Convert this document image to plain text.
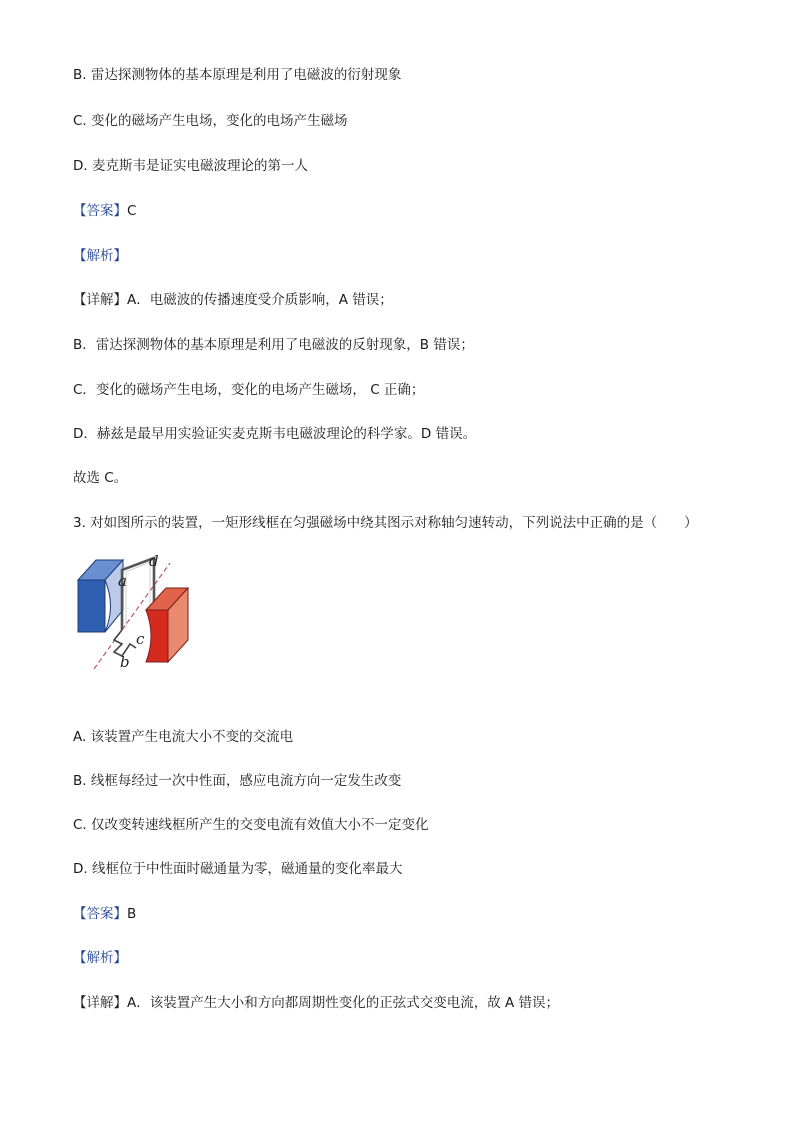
B. 雷达探测物体的基本原理是利用了电磁波的衍射现象
C. 变化的磁场产生电场，变化的电场产生磁场
D. 麦克斯韦是证实电磁波理论的第一人
【答案】C
【解析】
【详解】A．电磁波的传播速度受介质影响，A 错误；
B．雷达探测物体的基本原理是利用了电磁波的反射现象，B 错误；
C．变化的磁场产生电场，变化的电场产生磁场， C 正确；
D．赫兹是最早用实验证实麦克斯韦电磁波理论的科学家。D 错误。
故选 C。
3. 对如图所示的装置，一矩形线框在匀强磁场中绕其图示对称轴匀速转动，下列说法中正确的是（　　）
a
d
c
b
A. 该装置产生电流大小不变的交流电
B. 线框每经过一次中性面，感应电流方向一定发生改变
C. 仅改变转速线框所产生的交变电流有效值大小不一定变化
D. 线框位于中性面时磁通量为零，磁通量的变化率最大
【答案】B
【解析】
【详解】A．该装置产生大小和方向都周期性变化的正弦式交变电流，故 A 错误；
